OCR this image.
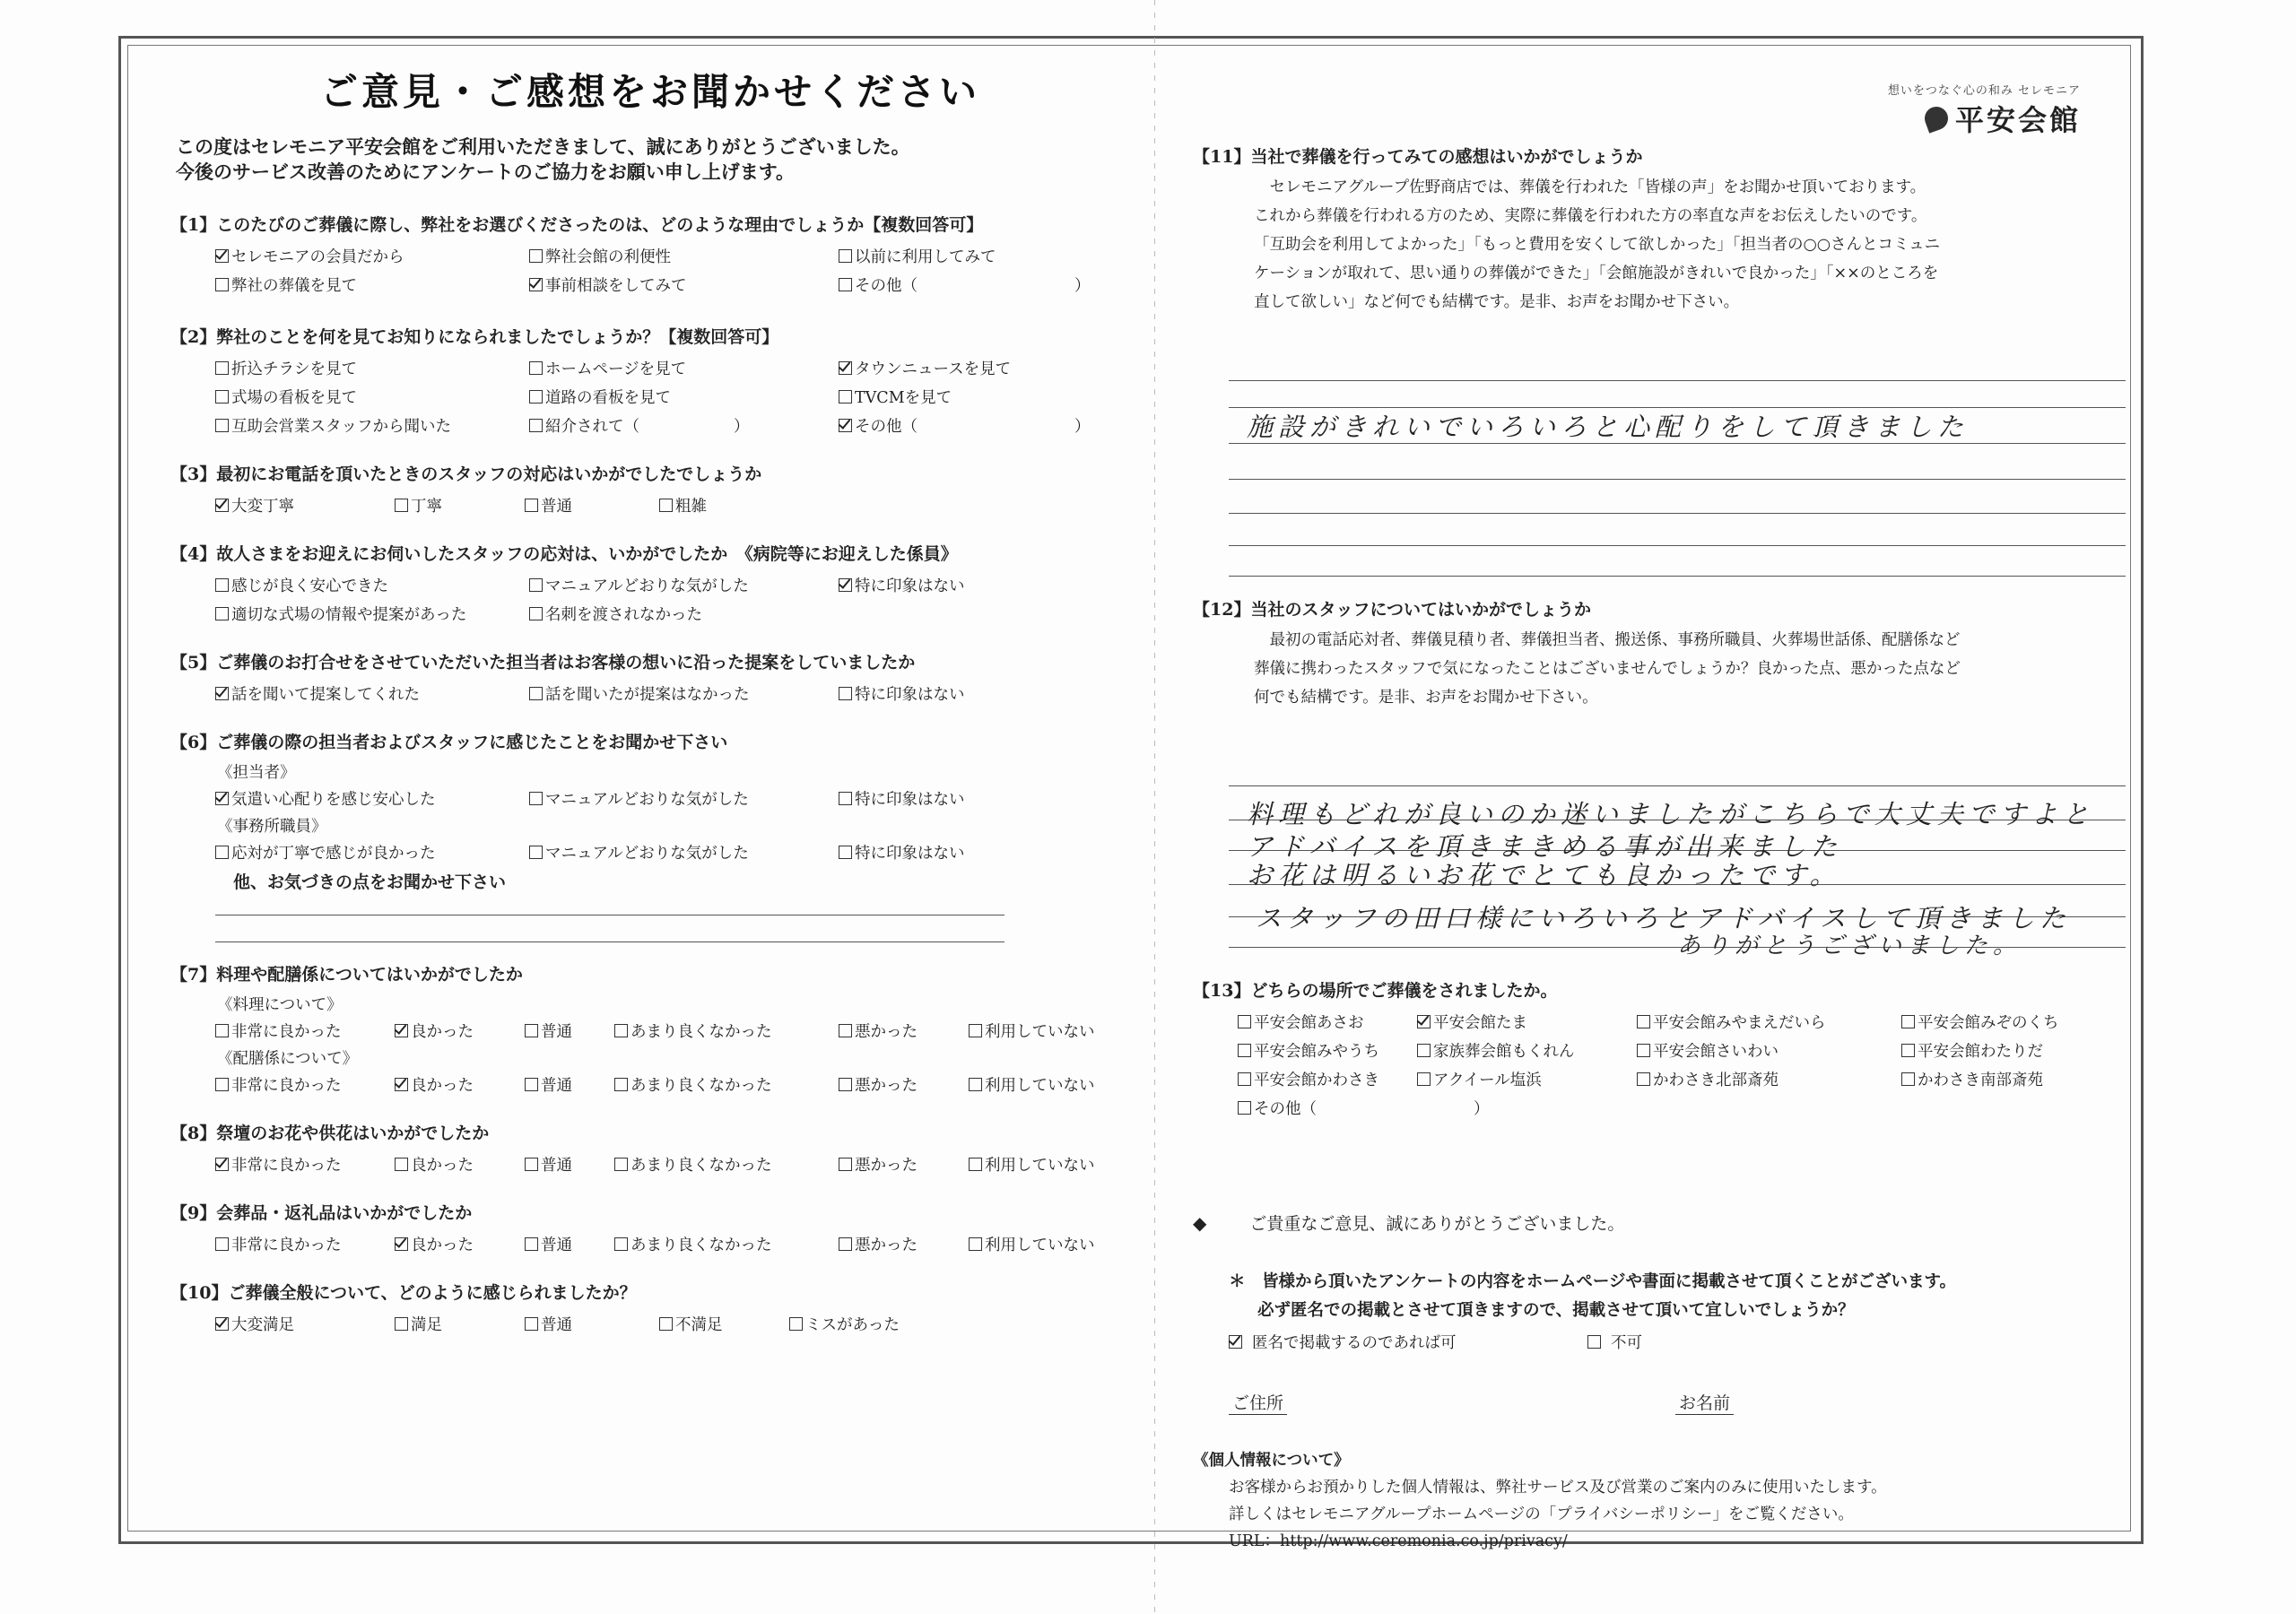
ご意見・ご感想をお聞かせください
この度はセレモニア平安会館をご利用いただきまして、誠にありがとうございました。
今後のサービス改善のためにアンケートのご協力をお願い申し上げます。
【1】このたびのご葬儀に際し、弊社をお選びくださったのは、どのような理由でしょうか【複数回答可】
セレモニアの会員だから	弊社会館の利便性	以前に利用してみて
弊社の葬儀を見て	事前相談をしてみて	その他（　　　　　　　　　　）
【2】弊社のことを何を見てお知りになられましたでしょうか？【複数回答可】
折込チラシを見て	ホームページを見て	タウンニュースを見て
式場の看板を見て	道路の看板を見て	TVCMを見て
互助会営業スタッフから聞いた	紹介されて（　　　　　　）	その他（　　　　　　　　　　）
【3】最初にお電話を頂いたときのスタッフの対応はいかがでしたでしょうか
大変丁寧	丁寧	普通	粗雑
【4】故人さまをお迎えにお伺いしたスタッフの応対は、いかがでしたか　《病院等にお迎えした係員》
感じが良く安心できた	マニュアルどおりな気がした	特に印象はない
適切な式場の情報や提案があった	名刺を渡されなかった
【5】ご葬儀のお打合せをさせていただいた担当者はお客様の想いに沿った提案をしていましたか
話を聞いて提案してくれた	話を聞いたが提案はなかった	特に印象はない
【6】ご葬儀の際の担当者およびスタッフに感じたことをお聞かせ下さい
《担当者》
気遣い心配りを感じ安心した	マニュアルどおりな気がした	特に印象はない
《事務所職員》
応対が丁寧で感じが良かった	マニュアルどおりな気がした	特に印象はない
他、お気づきの点をお聞かせ下さい
【7】料理や配膳係についてはいかがでしたか
《料理について》
非常に良かった	良かった	普通	あまり良くなかった	悪かった	利用していない
《配膳係について》
非常に良かった	良かった	普通	あまり良くなかった	悪かった	利用していない
【8】祭壇のお花や供花はいかがでしたか
非常に良かった	良かった	普通	あまり良くなかった	悪かった	利用していない
【9】会葬品・返礼品はいかがでしたか
非常に良かった	良かった	普通	あまり良くなかった	悪かった	利用していない
【10】ご葬儀全般について、どのように感じられましたか？
大変満足	満足	普通	不満足	ミスがあった
想いをつなぐ心の和み セレモニア
平安会館
【11】当社で葬儀を行ってみての感想はいかがでしょうか
セレモニアグループ佐野商店では、葬儀を行われた「皆様の声」をお聞かせ頂いております。
これから葬儀を行われる方のため、実際に葬儀を行われた方の率直な声をお伝えしたいのです。
「互助会を利用してよかった」「もっと費用を安くして欲しかった」「担当者の○○さんとコミュニ
ケーションが取れて、思い通りの葬儀ができた」「会館施設がきれいで良かった」「××のところを
直して欲しい」など何でも結構です。是非、お声をお聞かせ下さい。
施設がきれいでいろいろと心配りをして頂きました
【12】当社のスタッフについてはいかがでしょうか
最初の電話応対者、葬儀見積り者、葬儀担当者、搬送係、事務所職員、火葬場世話係、配膳係など
葬儀に携わったスタッフで気になったことはございませんでしょうか？良かった点、悪かった点など
何でも結構です。是非、お声をお聞かせ下さい。
料理もどれが良いのか迷いましたがこちらで大丈夫ですよと
アドバイスを頂きまきめる事が出来ました
お花は明るいお花でとても良かったです。
スタッフの田口様にいろいろとアドバイスして頂きました
ありがとうございました。
【13】どちらの場所でご葬儀をされましたか。
平安会館あさお	平安会館たま	平安会館みやまえだいら	平安会館みぞのくち
平安会館みやうち	家族葬会館もくれん	平安会館さいわい	平安会館わたりだ
平安会館かわさき	アクイール塩浜	かわさき北部斎苑	かわさき南部斎苑
その他（　　　　　　　　　　）
◆	ご貴重なご意見、誠にありがとうございました。
＊　皆様から頂いたアンケートの内容をホームページや書面に掲載させて頂くことがございます。
必ず匿名での掲載とさせて頂きますので、掲載させて頂いて宜しいでしょうか？
匿名で掲載するのであれば可	不可
ご住所	お名前
《個人情報について》
お客様からお預かりした個人情報は、弊社サービス及び営業のご案内のみに使用いたします。
詳しくはセレモニアグループホームページの「プライバシーポリシー」をご覧ください。
URL：http://www.ceremonia.co.jp/privacy/
